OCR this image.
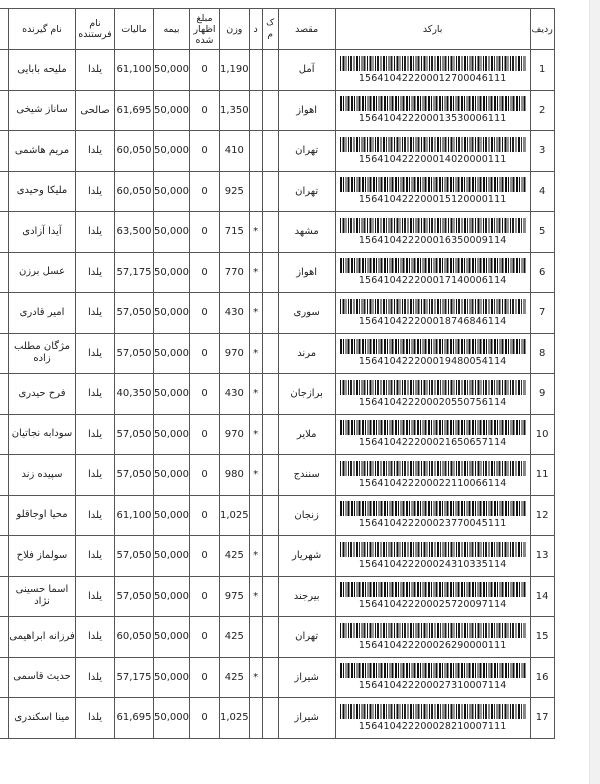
ردیف	بارکد	مقصد	ک م	د	وزن	مبلغ اظهار شده	بیمه	مالیات	نام فرستنده	نام گیرنده	
1	156410422200012700046111	آمل			1,190	0	50,000	61,100	یلدا	ملیحه بابایی	
2	156410422200013530006111	اهواز			1,350	0	50,000	61,695	صالحی	ساناز شیخی	
3	156410422200014020000111	تهران			410	0	50,000	60,050	یلدا	مریم هاشمی	
4	156410422200015120000111	تهران			925	0	50,000	60,050	یلدا	ملیکا وحیدی	
5	156410422200016350009114	مشهد		*	715	0	50,000	63,500	یلدا	آیدا آزادی	
6	156410422200017140006114	اهواز		*	770	0	50,000	57,175	یلدا	عسل برزن	
7	156410422200018746846114	سوری		*	430	0	50,000	57,050	یلدا	امیر قادری	
8	156410422200019480054114	مرند		*	970	0	50,000	57,050	یلدا	مژگان مطلب زاده	
9	156410422200020550756114	برازجان		*	430	0	50,000	40,350	یلدا	فرح حیدری	
10	156410422200021650657114	ملایر		*	970	0	50,000	57,050	یلدا	سودابه نجاتیان	
11	156410422200022110066114	سنندج		*	980	0	50,000	57,050	یلدا	سپیده زند	
12	156410422200023770045111	زنجان			1,025	0	50,000	61,100	یلدا	محیا اوجاقلو	
13	156410422200024310335114	شهریار		*	425	0	50,000	57,050	یلدا	سولماز فلاح	
14	156410422200025720097114	بیرجند		*	975	0	50,000	57,050	یلدا	اسما حسینی نژاد	
15	156410422200026290000111	تهران			425	0	50,000	60,050	یلدا	فرزانه ابراهیمی	
16	156410422200027310007114	شیراز		*	425	0	50,000	57,175	یلدا	حدیث قاسمی	
17	156410422200028210007111	شیراز			1,025	0	50,000	61,695	یلدا	مینا اسکندری	
